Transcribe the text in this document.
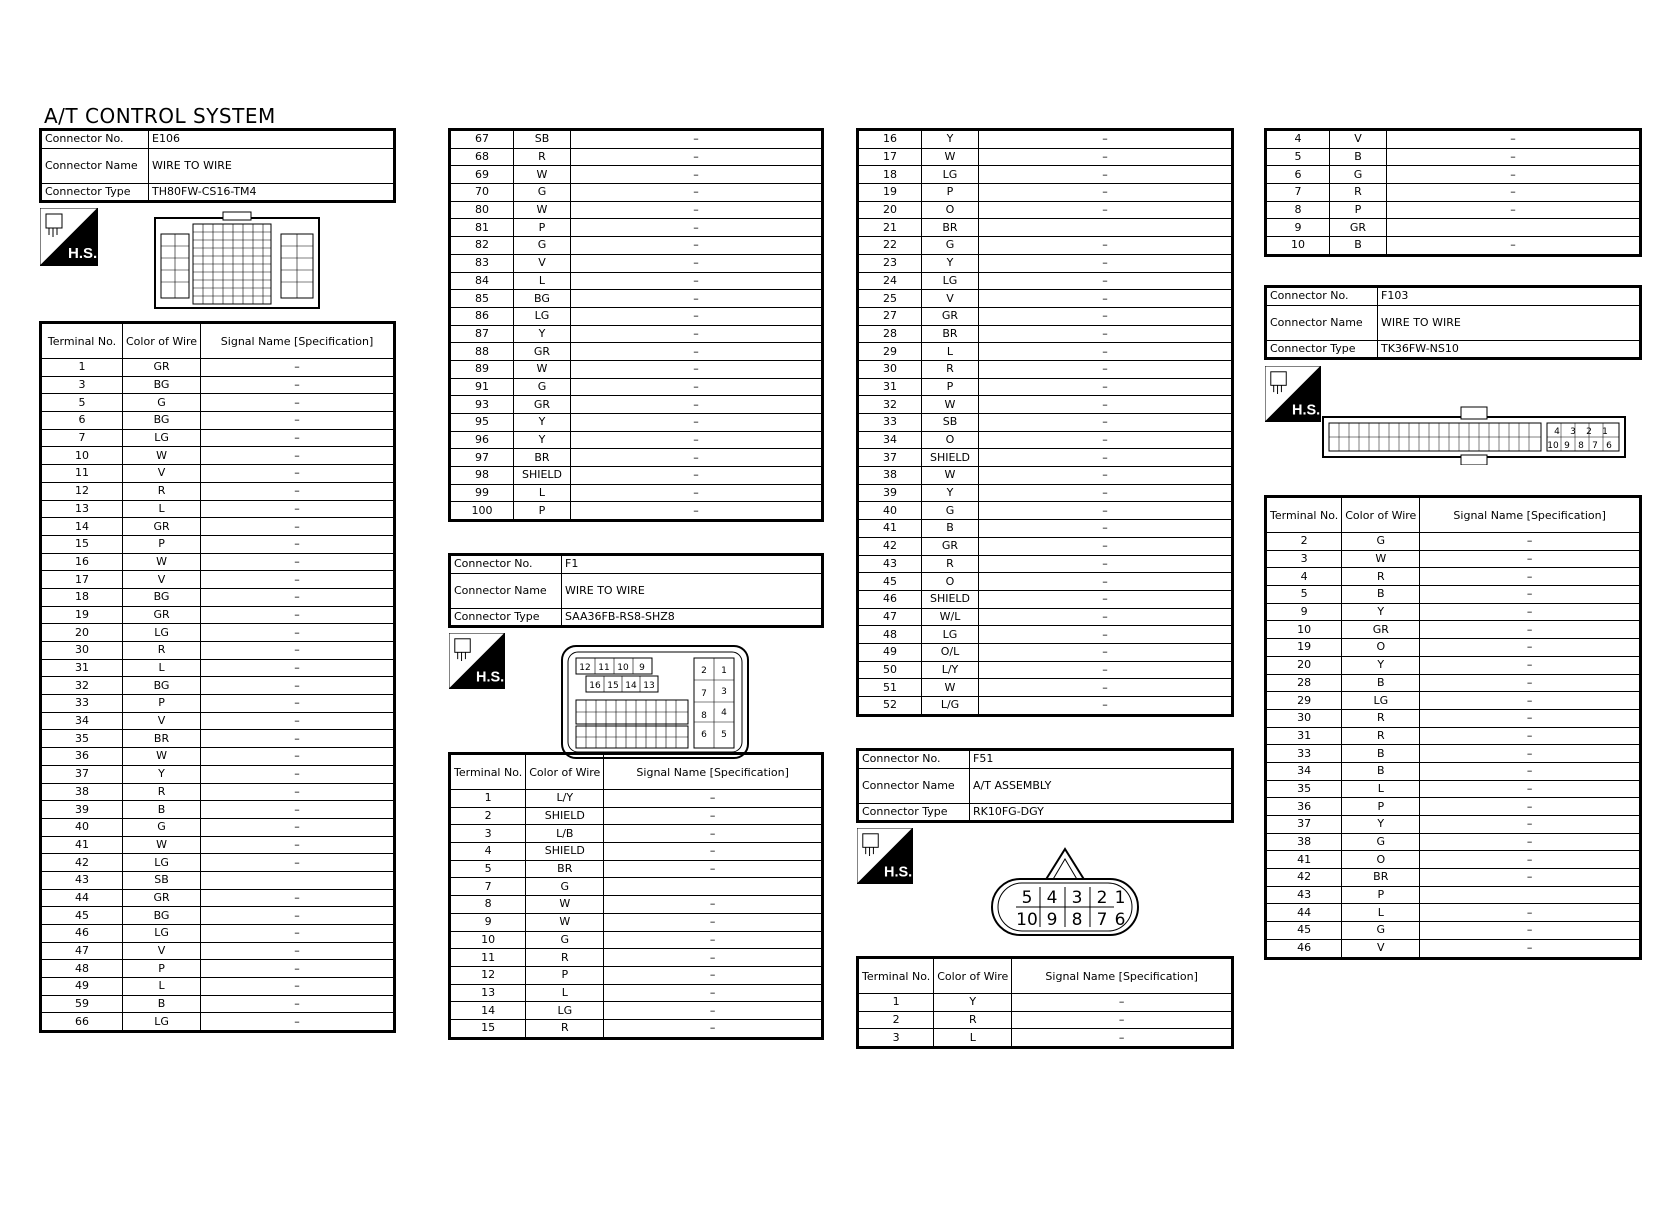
A/T CONTROL SYSTEM
Connector No.	E106
Connector Name	WIRE TO WIRE
Connector Type	TH80FW-CS16-TM4
H.S.
Terminal No.	Color of Wire	Signal Name [Specification]
1	GR	–
3	BG	–
5	G	–
6	BG	–
7	LG	–
10	W	–
11	V	–
12	R	–
13	L	–
14	GR	–
15	P	–
16	W	–
17	V	–
18	BG	–
19	GR	–
20	LG	–
30	R	–
31	L	–
32	BG	–
33	P	–
34	V	–
35	BR	–
36	W	–
37	Y	–
38	R	–
39	B	–
40	G	–
41	W	–
42	LG	–
43	SB	
44	GR	–
45	BG	–
46	LG	–
47	V	–
48	P	–
49	L	–
59	B	–
66	LG	–
67	SB	–
68	R	–
69	W	–
70	G	–
80	W	–
81	P	–
82	G	–
83	V	–
84	L	–
85	BG	–
86	LG	–
87	Y	–
88	GR	–
89	W	–
91	G	–
93	GR	–
95	Y	–
96	Y	–
97	BR	–
98	SHIELD	–
99	L	–
100	P	–
Connector No.	F1
Connector Name	WIRE TO WIRE
Connector Type	SAA36FB-RS8-SHZ8
H.S.
12 11 10 9
16 15 14 13
2 1
3
4
6 5
8
7
Terminal No.	Color of Wire	Signal Name [Specification]
1	L/Y	–
2	SHIELD	–
3	L/B	–
4	SHIELD	–
5	BR	–
7	G	
8	W	–
9	W	–
10	G	–
11	R	–
12	P	–
13	L	–
14	LG	–
15	R	–
16	Y	–
17	W	–
18	LG	–
19	P	–
20	O	–
21	BR	
22	G	–
23	Y	–
24	LG	–
25	V	–
27	GR	–
28	BR	–
29	L	–
30	R	–
31	P	–
32	W	–
33	SB	–
34	O	–
37	SHIELD	–
38	W	–
39	Y	–
40	G	–
41	B	–
42	GR	–
43	R	–
45	O	–
46	SHIELD	–
47	W/L	–
48	LG	–
49	O/L	–
50	L/Y	–
51	W	–
52	L/G	–
Connector No.	F51
Connector Name	A/T ASSEMBLY
Connector Type	RK10FG-DGY
H.S.
5 4 3 2 1
10 9 8 7 6
Terminal No.	Color of Wire	Signal Name [Specification]
1	Y	–
2	R	–
3	L	–
4	V	–
5	B	–
6	G	–
7	R	–
8	P	–
9	GR	
10	B	–
Connector No.	F103
Connector Name	WIRE TO WIRE
Connector Type	TK36FW-NS10
H.S.
4 3 2 1
10 9 8 7 6
Terminal No.	Color of Wire	Signal Name [Specification]
2	G	–
3	W	–
4	R	–
5	B	–
9	Y	–
10	GR	–
19	O	–
20	Y	–
28	B	–
29	LG	–
30	R	–
31	R	–
33	B	–
34	B	–
35	L	–
36	P	–
37	Y	–
38	G	–
41	O	–
42	BR	–
43	P	
44	L	–
45	G	–
46	V	–
